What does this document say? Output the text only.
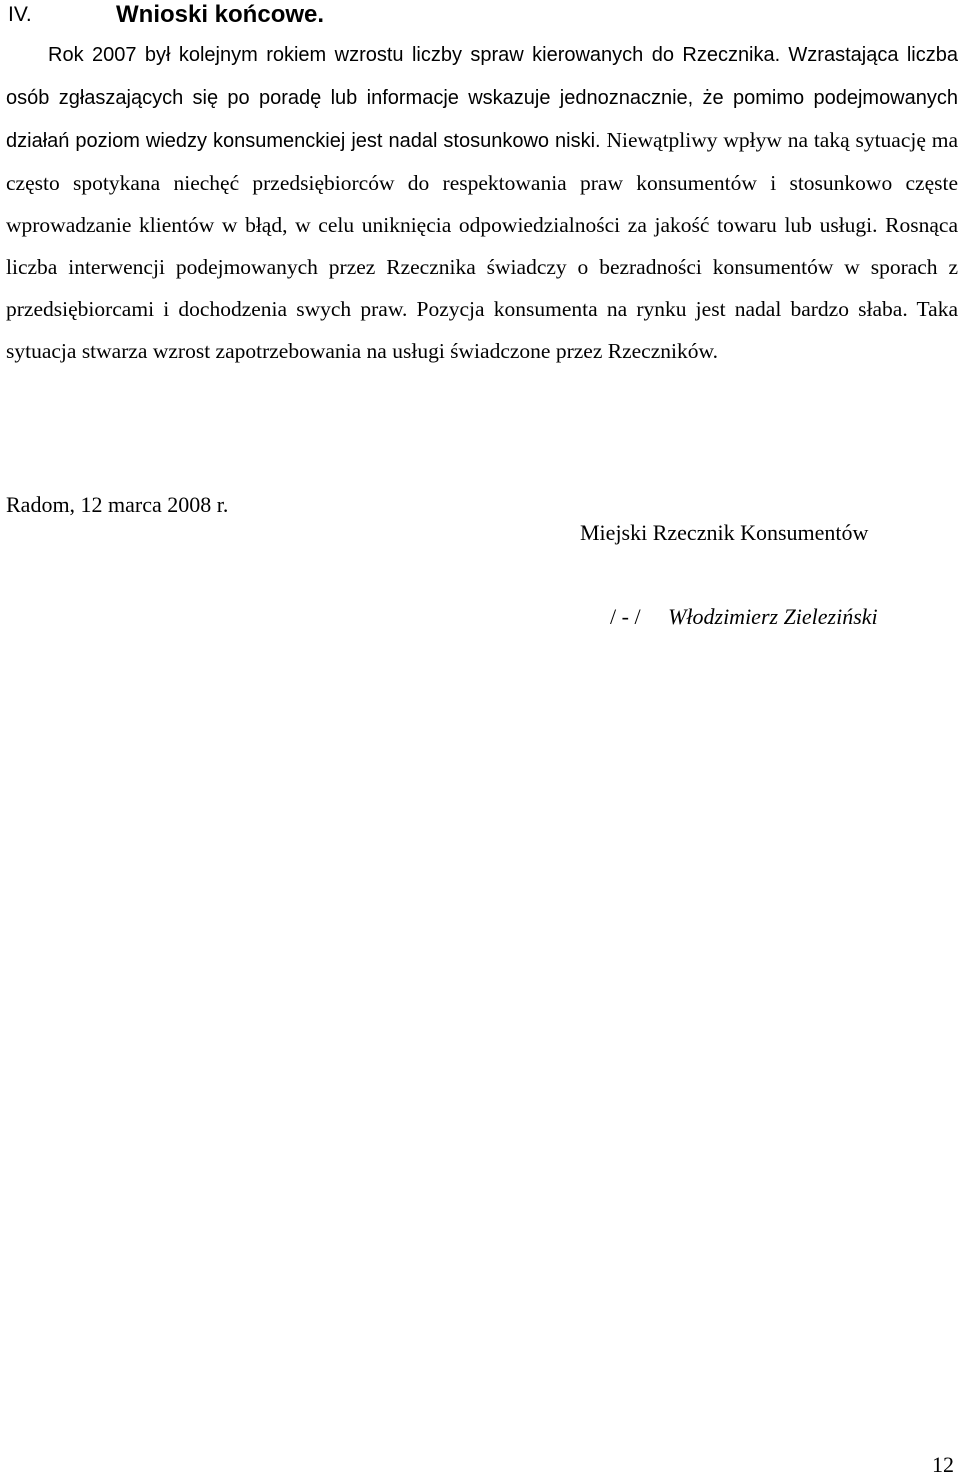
IV.	Wnioski końcowe.
Rok 2007 był kolejnym rokiem wzrostu liczby spraw kierowanych do Rzecznika. Wzrastająca liczba osób zgłaszających się po poradę lub informacje wskazuje jednoznacznie, że pomimo podejmowanych działań poziom wiedzy konsumenckiej jest nadal stosunkowo niski. Niewątpliwy wpływ na taką sytuację ma często spotykana niechęć przedsiębiorców do respektowania praw konsumentów i stosunkowo częste wprowadzanie klientów w błąd, w celu uniknięcia odpowiedzialności za jakość towaru lub usługi. Rosnąca liczba interwencji podejmowanych przez Rzecznika świadczy o bezradności konsumentów w sporach z przedsiębiorcami i dochodzenia swych praw. Pozycja konsumenta na rynku jest nadal bardzo słaba. Taka sytuacja stwarza wzrost zapotrzebowania na usługi świadczone przez Rzeczników.
Radom, 12 marca 2008 r.
Miejski Rzecznik Konsumentów
/ - / Włodzimierz Zieleziński
12
